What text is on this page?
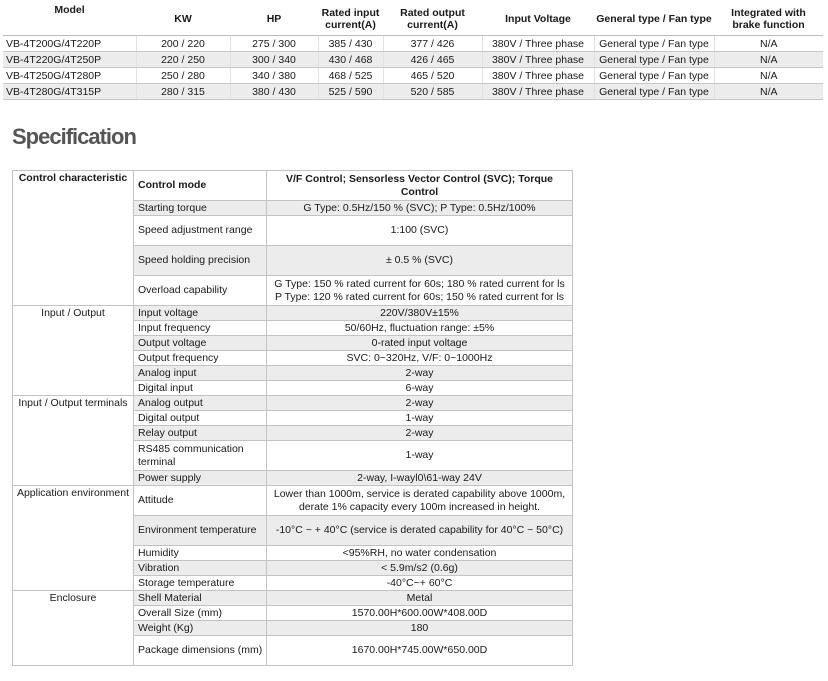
Model	KW	HP	Rated input current(A)	Rated output current(A)	Input Voltage	General type / Fan type	Integrated with brake function
VB-4T200G/4T220P	200 / 220	275 / 300	385 / 430	377 / 426	380V / Three phase	General type / Fan type	N/A
VB-4T220G/4T250P	220 / 250	300 / 340	430 / 468	426 / 465	380V / Three phase	General type / Fan type	N/A
VB-4T250G/4T280P	250 / 280	340 / 380	468 / 525	465 / 520	380V / Three phase	General type / Fan type	N/A
VB-4T280G/4T315P	280 / 315	380 / 430	525 / 590	520 / 585	380V / Three phase	General type / Fan type	N/A
Specification
Control characteristic	Control mode	V/F Control; Sensorless Vector Control (SVC); Torque Control
	Starting torque	G Type: 0.5Hz/150 % (SVC); P Type: 0.5Hz/100%
	Speed adjustment range	1:100 (SVC)
	Speed holding precision	± 0.5 % (SVC)
	Overload capability	G Type: 150 % rated current for 60s; 180 % rated current for ls
P Type: 120 % rated current for 60s; 150 % rated current for ls
Input / Output	Input voltage	220V/380V±15%
	Input frequency	50/60Hz, fluctuation range: ±5%
	Output voltage	0-rated input voltage
	Output frequency	SVC: 0~320Hz, V/F: 0~1000Hz
	Analog input	2-way
	Digital input	6-way
Input / Output terminals	Analog output	2-way
	Digital output	1-way
	Relay output	2-way
	RS485 communication terminal	1-way
	Power supply	2-way, I-wayl0\61-way 24V
Application environment	Attitude	Lower than 1000m, service is derated capability above 1000m, derate 1% capacity every 100m increased in height.
	Environment temperature	-10°C ~ + 40°C (service is derated capability for 40°C ~ 50°C)
	Humidity	<95%RH, no water condensation
	Vibration	< 5.9m/s2 (0.6g)
	Storage temperature	-40°C~+ 60°C
Enclosure	Shell Material	Metal
	Overall Size (mm)	1570.00H*600.00W*408.00D
	Weight (Kg)	180
	Package dimensions (mm)	1670.00H*745.00W*650.00D
